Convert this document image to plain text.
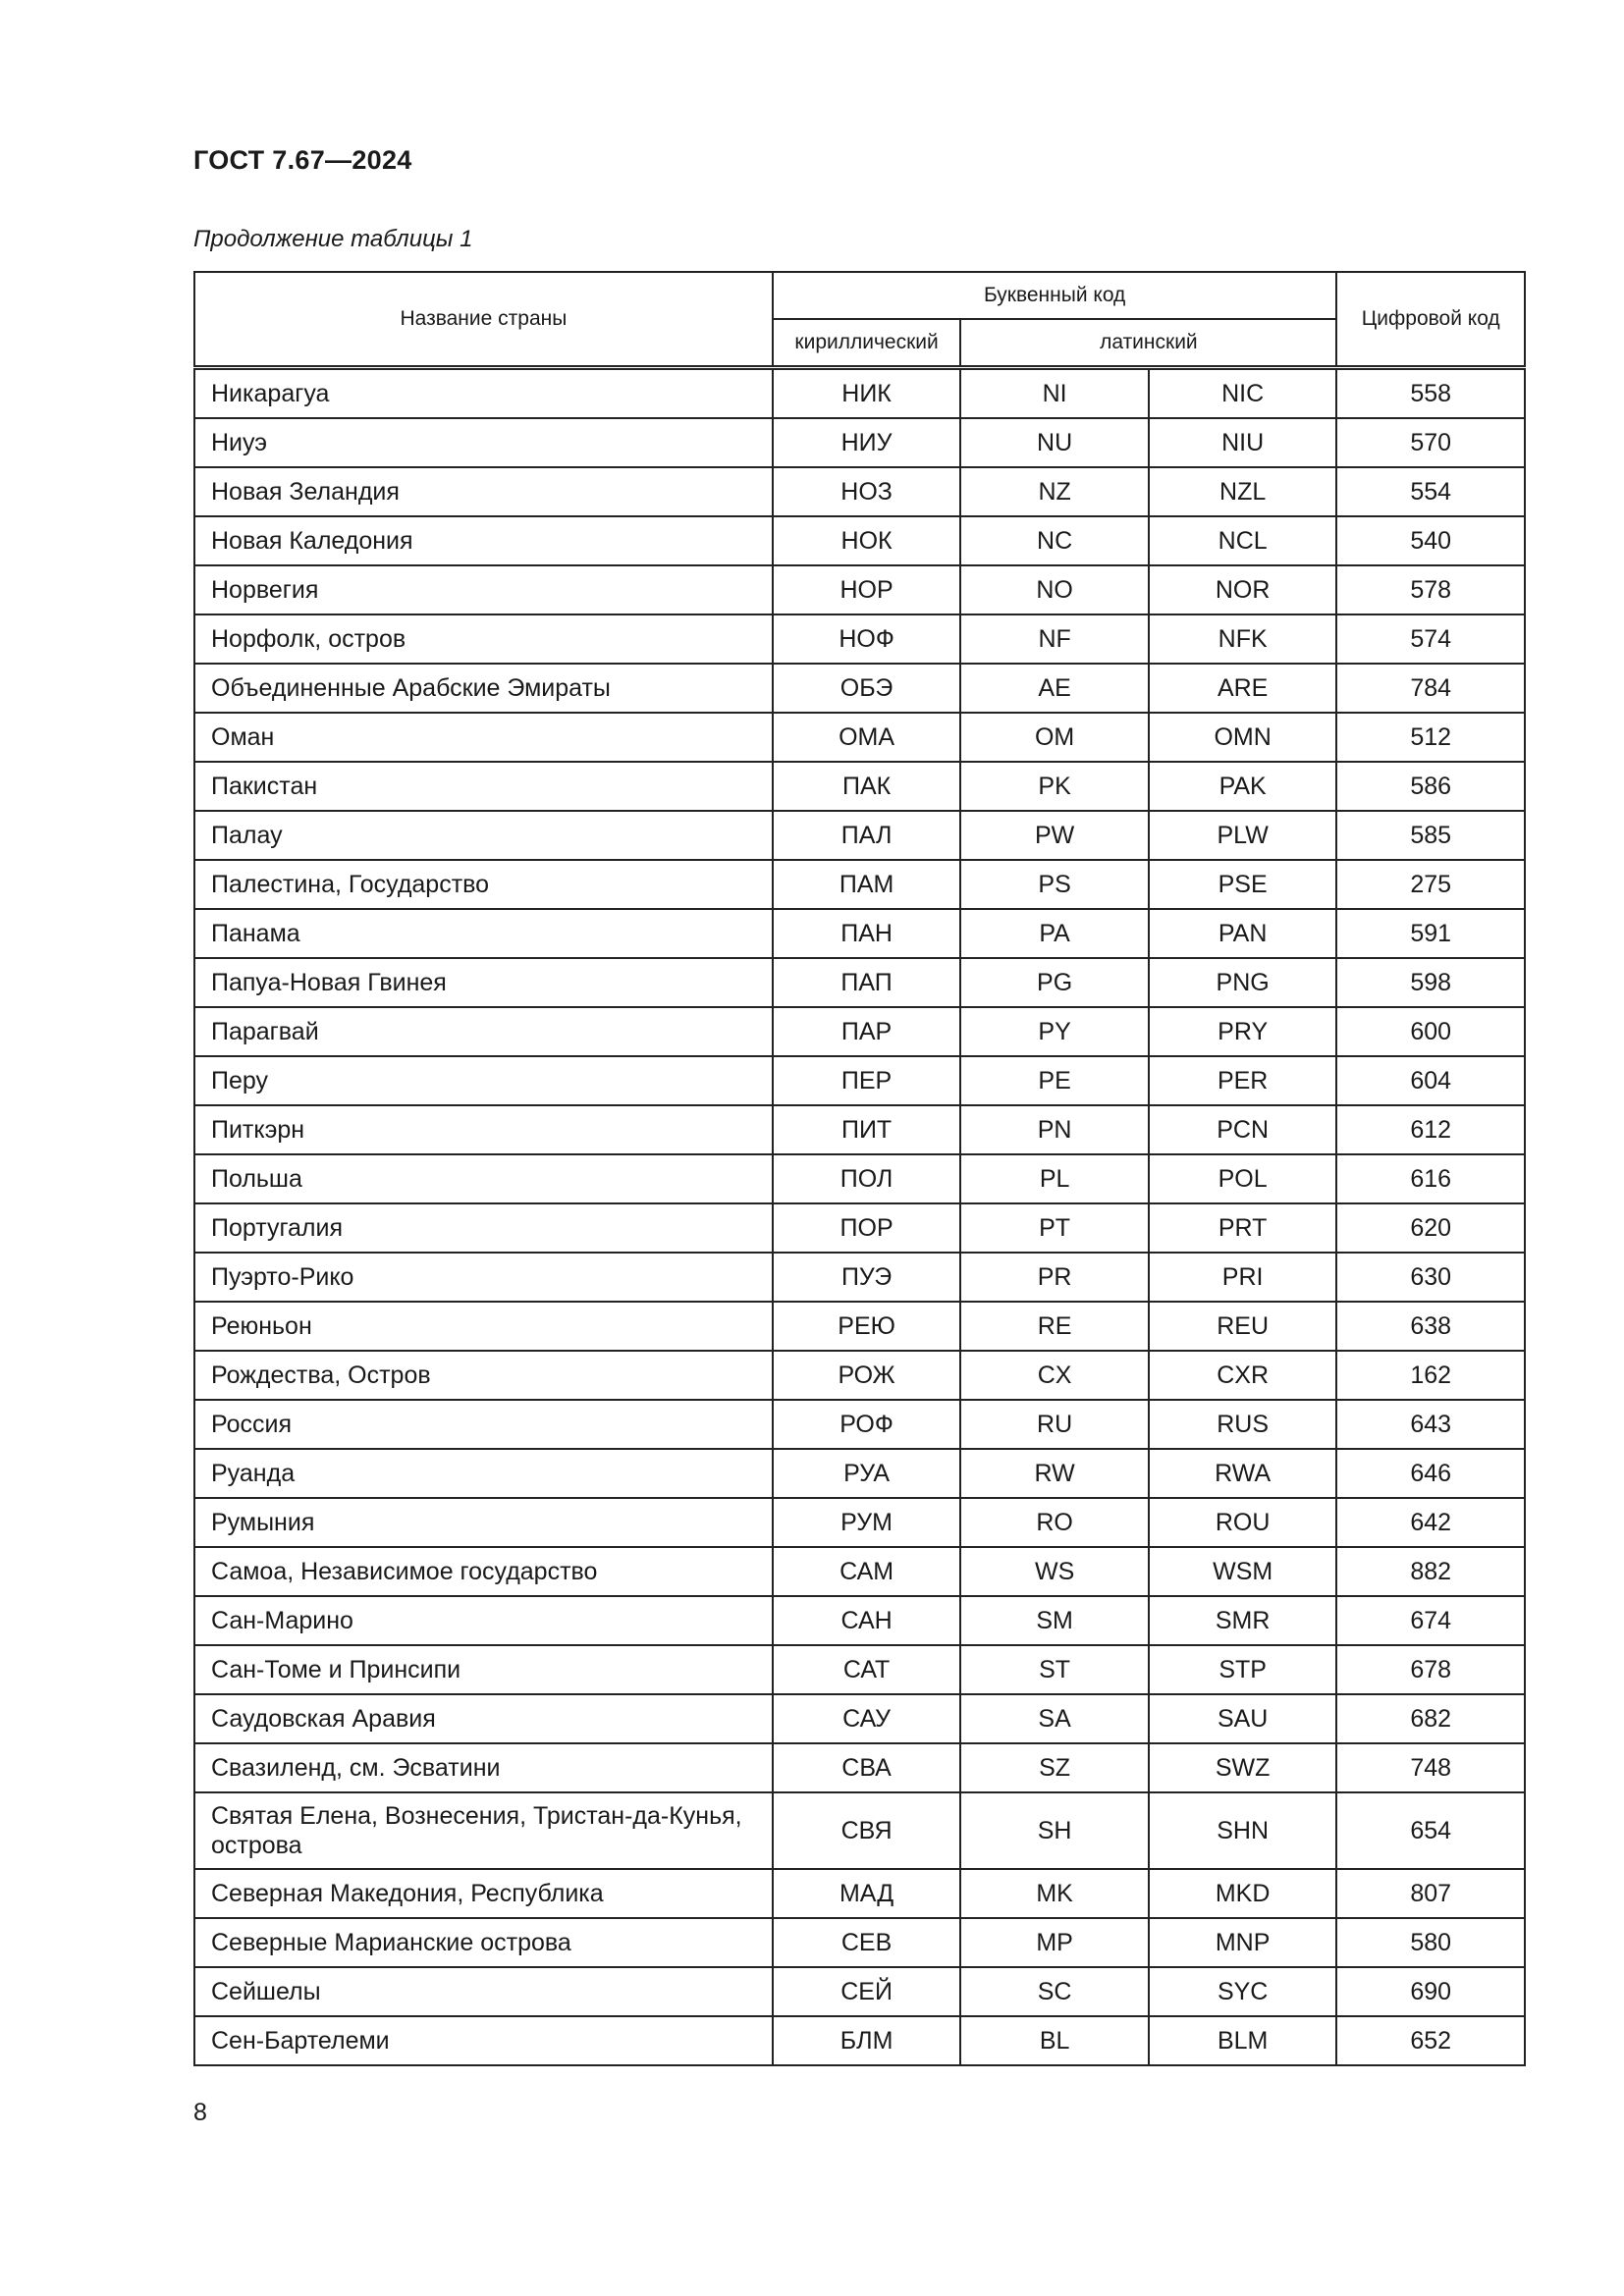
ГОСТ 7.67—2024
Продолжение таблицы 1
Название страны	Буквенный код			Цифровой код
	кириллический	латинский		
Никарагуа	НИК	NI	NIC	558
Ниуэ	НИУ	NU	NIU	570
Новая Зеландия	НОЗ	NZ	NZL	554
Новая Каледония	НОК	NC	NCL	540
Норвегия	НОР	NO	NOR	578
Норфолк, остров	НОФ	NF	NFK	574
Объединенные Арабские Эмираты	ОБЭ	AE	ARE	784
Оман	ОМА	OM	OMN	512
Пакистан	ПАК	PK	PAK	586
Палау	ПАЛ	PW	PLW	585
Палестина, Государство	ПАМ	PS	PSE	275
Панама	ПАН	PA	PAN	591
Папуа-Новая Гвинея	ПАП	PG	PNG	598
Парагвай	ПАР	PY	PRY	600
Перу	ПЕР	PE	PER	604
Питкэрн	ПИТ	PN	PCN	612
Польша	ПОЛ	PL	POL	616
Португалия	ПОР	PT	PRT	620
Пуэрто-Рико	ПУЭ	PR	PRI	630
Реюньон	РЕЮ	RE	REU	638
Рождества, Остров	РОЖ	CX	CXR	162
Россия	РОФ	RU	RUS	643
Руанда	РУА	RW	RWA	646
Румыния	РУМ	RO	ROU	642
Самоа, Независимое государство	САМ	WS	WSM	882
Сан-Марино	САН	SM	SMR	674
Сан-Томе и Принсипи	САТ	ST	STP	678
Саудовская Аравия	САУ	SA	SAU	682
Свазиленд, см. Эсватини	СВА	SZ	SWZ	748
Святая Елена, Вознесения, Тристан-да-Кунья, острова	СВЯ	SH	SHN	654
Северная Македония, Республика	МАД	MK	MKD	807
Северные Марианские острова	СЕВ	MP	MNP	580
Сейшелы	СЕЙ	SC	SYC	690
Сен-Бартелеми	БЛМ	BL	BLM	652
8
